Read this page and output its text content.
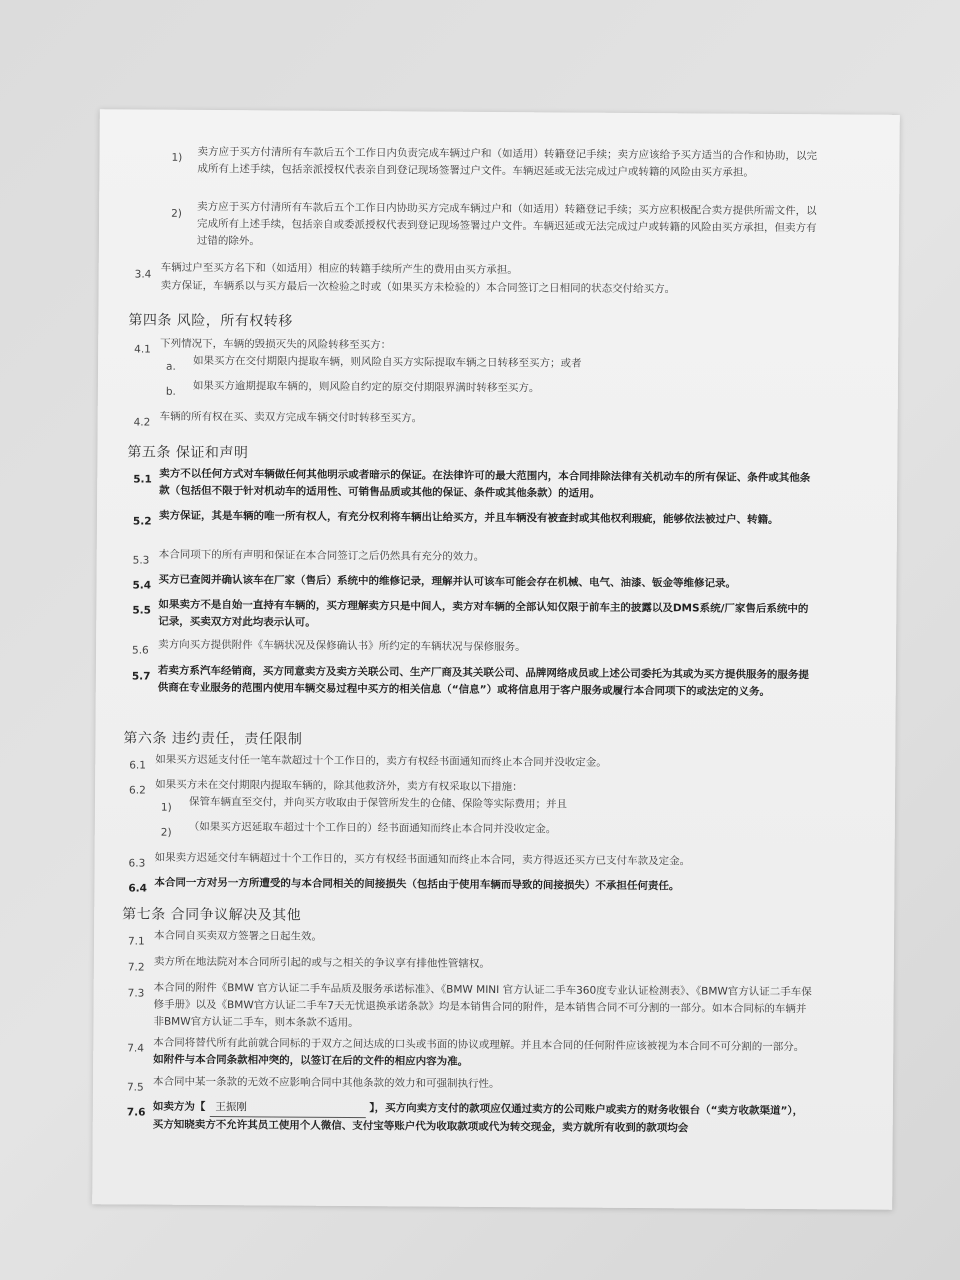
1) 卖方应于买方付清所有车款后五个工作日内负责完成车辆过户和（如适用）转籍登记手续；卖方应该给予买方适当的合作和协助，以完成所有上述手续，包括亲派授权代表亲自到登记现场签署过户文件。车辆迟延或无法完成过户或转籍的风险由买方承担。
2) 卖方应于买方付清所有车款后五个工作日内协助买方完成车辆过户和（如适用）转籍登记手续；买方应积极配合卖方提供所需文件，以完成所有上述手续，包括亲自或委派授权代表到登记现场签署过户文件。车辆迟延或无法完成过户或转籍的风险由买方承担，但卖方有过错的除外。
3.4 车辆过户至买方名下和（如适用）相应的转籍手续所产生的费用由买方承担。
卖方保证，车辆系以与买方最后一次检验之时或（如果买方未检验的）本合同签订之日相同的状态交付给买方。
第四条 风险，所有权转移
4.1 下列情况下，车辆的毁损灭失的风险转移至买方：
a. 如果买方在交付期限内提取车辆，则风险自买方实际提取车辆之日转移至买方；或者
b. 如果买方逾期提取车辆的，则风险自约定的原交付期限界满时转移至买方。
4.2 车辆的所有权在买、卖双方完成车辆交付时转移至买方。
第五条 保证和声明
5.1 卖方不以任何方式对车辆做任何其他明示或者暗示的保证。在法律许可的最大范围内，本合同排除法律有关机动车的所有保证、条件或其他条款（包括但不限于针对机动车的适用性、可销售品质或其他的保证、条件或其他条款）的适用。
5.2 卖方保证，其是车辆的唯一所有权人，有充分权利将车辆出让给买方，并且车辆没有被查封或其他权利瑕疵，能够依法被过户、转籍。
5.3 本合同项下的所有声明和保证在本合同签订之后仍然具有充分的效力。
5.4 买方已查阅并确认该车在厂家（售后）系统中的维修记录，理解并认可该车可能会存在机械、电气、油漆、钣金等维修记录。
5.5 如果卖方不是自始一直持有车辆的，买方理解卖方只是中间人，卖方对车辆的全部认知仅限于前车主的披露以及DMS系统/厂家售后系统中的记录，买卖双方对此均表示认可。
5.6 卖方向买方提供附件《车辆状况及保修确认书》所约定的车辆状况与保修服务。
5.7 若卖方系汽车经销商，买方同意卖方及卖方关联公司、生产厂商及其关联公司、品牌网络成员或上述公司委托为其或为买方提供服务的服务提供商在专业服务的范围内使用车辆交易过程中买方的相关信息（“信息”）或将信息用于客户服务或履行本合同项下的或法定的义务。
第六条 违约责任，责任限制
6.1 如果买方迟延支付任一笔车款超过十个工作日的，卖方有权经书面通知而终止本合同并没收定金。
6.2 如果买方未在交付期限内提取车辆的，除其他救济外，卖方有权采取以下措施：
1) 保管车辆直至交付，并向买方收取由于保管所发生的仓储、保险等实际费用；并且
2) （如果买方迟延取车超过十个工作日的）经书面通知而终止本合同并没收定金。
6.3 如果卖方迟延交付车辆超过十个工作日的，买方有权经书面通知而终止本合同，卖方得返还买方已支付车款及定金。
6.4 本合同一方对另一方所遭受的与本合同相关的间接损失（包括由于使用车辆而导致的间接损失）不承担任何责任。
第七条 合同争议解决及其他
7.1 本合同自买卖双方签署之日起生效。
7.2 卖方所在地法院对本合同所引起的或与之相关的争议享有排他性管辖权。
7.3 本合同的附件《BMW 官方认证二手车品质及服务承诺标准》、《BMW MINI 官方认证二手车360度专业认证检测表》、《BMW官方认证二手车保修手册》以及《BMW官方认证二手车7天无忧退换承诺条款》均是本销售合同的附件，是本销售合同不可分割的一部分。如本合同标的车辆并非BMW官方认证二手车，则本条款不适用。
7.4 本合同将替代所有此前就合同标的于双方之间达成的口头或书面的协议或理解。并且本合同的任何附件应该被视为本合同不可分割的一部分。如附件与本合同条款相冲突的，以签订在后的文件的相应内容为准。
7.5 本合同中某一条款的无效不应影响合同中其他条款的效力和可强制执行性。
7.6 如卖方为【 王振刚	】，买方向卖方支付的款项应仅通过卖方的公司账户或卖方的财务收银台（“卖方收款渠道”），买方知晓卖方不允许其员工使用个人微信、支付宝等账户代为收取款项或代为转交现金，卖方就所有收到的款项均会
